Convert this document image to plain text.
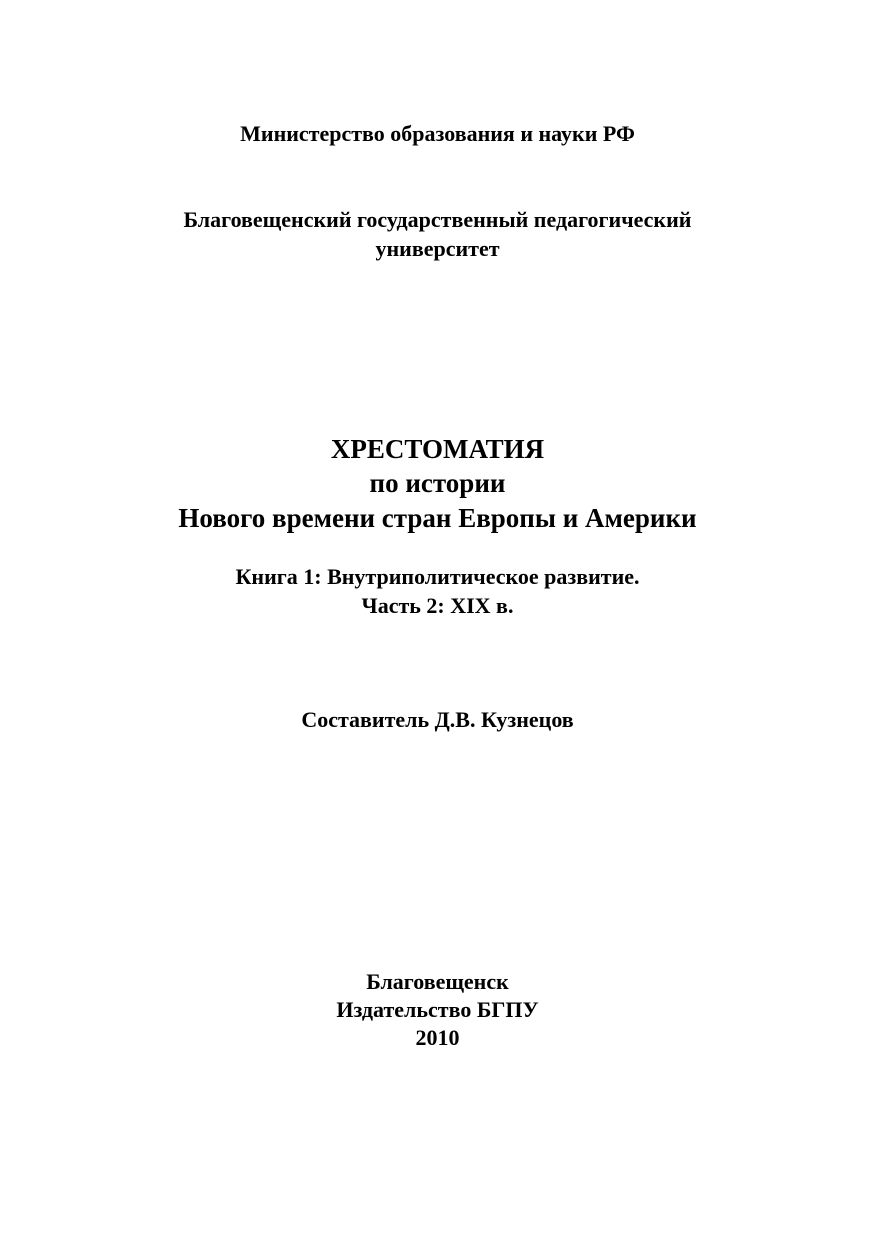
Министерство образования и науки РФ

Благовещенский государственный педагогический

университет

ХРЕСТОМАТИЯ

по истории

Нового времени стран Европы и Америки

Книга 1: Внутриполитическое развитие.

Часть 2: XIX в.

Составитель Д.В. Кузнецов

Благовещенск

Издательство БГПУ

2010
